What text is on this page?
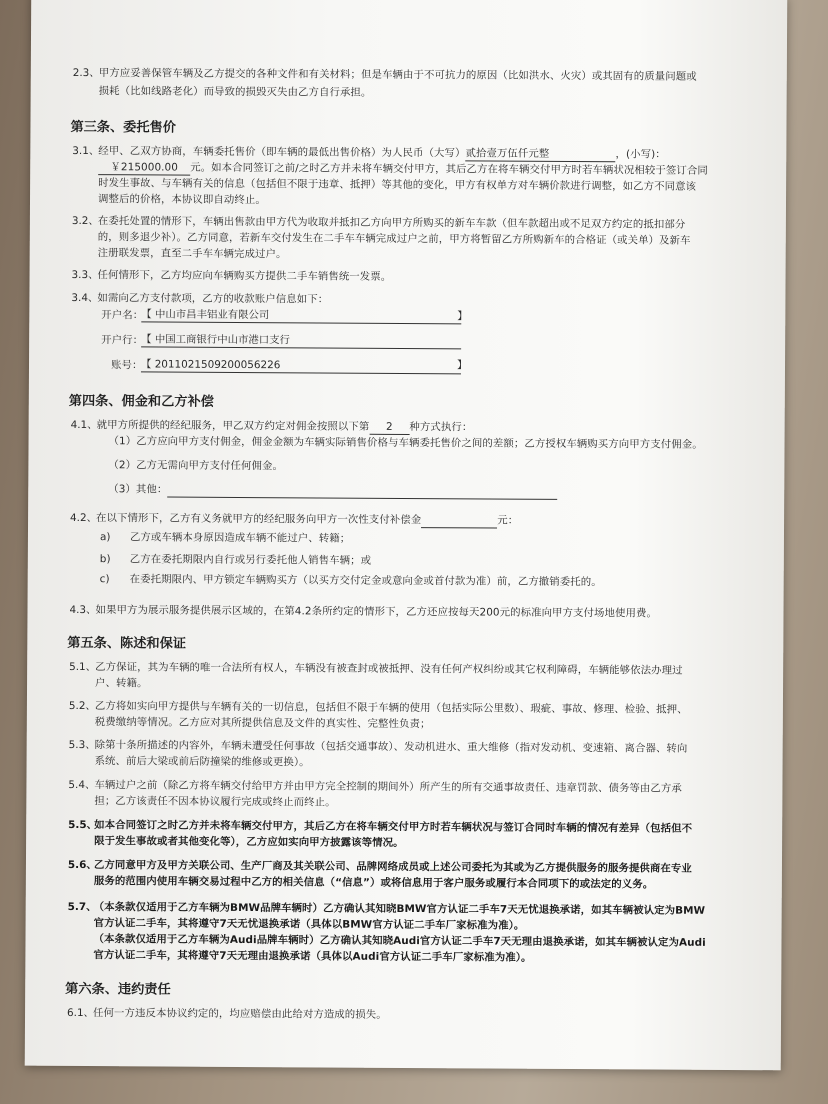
2.3、 甲方应妥善保管车辆及乙方提交的各种文件和有关材料；但是车辆由于不可抗力的原因（比如洪水、火灾）或其固有的质量问题或
损耗（比如线路老化）而导致的损毁灭失由乙方自行承担。
第三条、委托售价
3.1、 经甲、乙双方协商，车辆委托售价（即车辆的最低出售价格）为人民币（大写）贰拾壹万伍仟元整	，(小写)：
￥215000.00 元。如本合同签订之前/之时乙方并未将车辆交付甲方，其后乙方在将车辆交付甲方时若车辆状况相较于签订合同
时发生事故、与车辆有关的信息（包括但不限于违章、抵押）等其他的变化，甲方有权单方对车辆价款进行调整，如乙方不同意该
调整后的价格，本协议即自动终止。
3.2、 在委托处置的情形下，车辆出售款由甲方代为收取并抵扣乙方向甲方所购买的新车车款（但车款超出或不足双方约定的抵扣部分
的，则多退少补）。乙方同意，若新车交付发生在二手车车辆完成过户之前，甲方将暂留乙方所购新车的合格证（或关单）及新车
注册联发票，直至二手车车辆完成过户。
3.3、 任何情形下，乙方均应向车辆购买方提供二手车销售统一发票。
3.4、 如需向乙方支付款项，乙方的收款账户信息如下：
开户名：
【 中山市昌丰铝业有限公司	】
开户行：
【 中国工商银行中山市港口支行
账号：
【 2011021509200056226	】
第四条、佣金和乙方补偿
4.1、 就甲方所提供的经纪服务，甲乙双方约定对佣金按照以下第 2 种方式执行：
（1）乙方应向甲方支付佣金，佣金金额为车辆实际销售价格与车辆委托售价之间的差额；乙方授权车辆购买方向甲方支付佣金。
（2）乙方无需向甲方支付任何佣金。
（3）其他：
4.2、 在以下情形下，乙方有义务就甲方的经纪服务向甲方一次性支付补偿金	元：
a) 乙方或车辆本身原因造成车辆不能过户、转籍；
b) 乙方在委托期限内自行或另行委托他人销售车辆；或
c) 在委托期限内、甲方锁定车辆购买方（以买方交付定金或意向金或首付款为准）前，乙方撤销委托的。
4.3、 如果甲方为展示服务提供展示区域的，在第4.2条所约定的情形下，乙方还应按每天200元的标准向甲方支付场地使用费。
第五条、陈述和保证
5.1、 乙方保证，其为车辆的唯一合法所有权人，车辆没有被查封或被抵押、没有任何产权纠纷或其它权利障碍，车辆能够依法办理过
户、转籍。
5.2、 乙方将如实向甲方提供与车辆有关的一切信息，包括但不限于车辆的使用（包括实际公里数）、瑕疵、事故、修理、检验、抵押、
税费缴纳等情况。乙方应对其所提供信息及文件的真实性、完整性负责；
5.3、 除第十条所描述的内容外，车辆未遭受任何事故（包括交通事故）、发动机进水、重大维修（指对发动机、变速箱、离合器、转向
系统、前后大梁或前后防撞梁的维修或更换）。
5.4、 车辆过户之前（除乙方将车辆交付给甲方并由甲方完全控制的期间外）所产生的所有交通事故责任、违章罚款、债务等由乙方承
担；乙方该责任不因本协议履行完成或终止而终止。
5.5、
如本合同签订之时乙方并未将车辆交付甲方，其后乙方在将车辆交付甲方时若车辆状况与签订合同时车辆的情况有差异（包括但不
限于发生事故或者其他变化等），乙方应如实向甲方披露该等情况。
5.6、
乙方同意甲方及甲方关联公司、生产厂商及其关联公司、品牌网络成员或上述公司委托为其或为乙方提供服务的服务提供商在专业
服务的范围内使用车辆交易过程中乙方的相关信息（“信息”）或将信息用于客户服务或履行本合同项下的或法定的义务。
5.7、
（本条款仅适用于乙方车辆为BMW品牌车辆时）乙方确认其知晓BMW官方认证二手车7天无忧退换承诺，如其车辆被认定为BMW
官方认证二手车，其将遵守7天无忧退换承诺（具体以BMW官方认证二手车厂家标准为准）。
（本条款仅适用于乙方车辆为Audi品牌车辆时）乙方确认其知晓Audi官方认证二手车7天无理由退换承诺，如其车辆被认定为Audi
官方认证二手车，其将遵守7天无理由退换承诺（具体以Audi官方认证二手车厂家标准为准）。
第六条、违约责任
6.1、 任何一方违反本协议约定的，均应赔偿由此给对方造成的损失。
